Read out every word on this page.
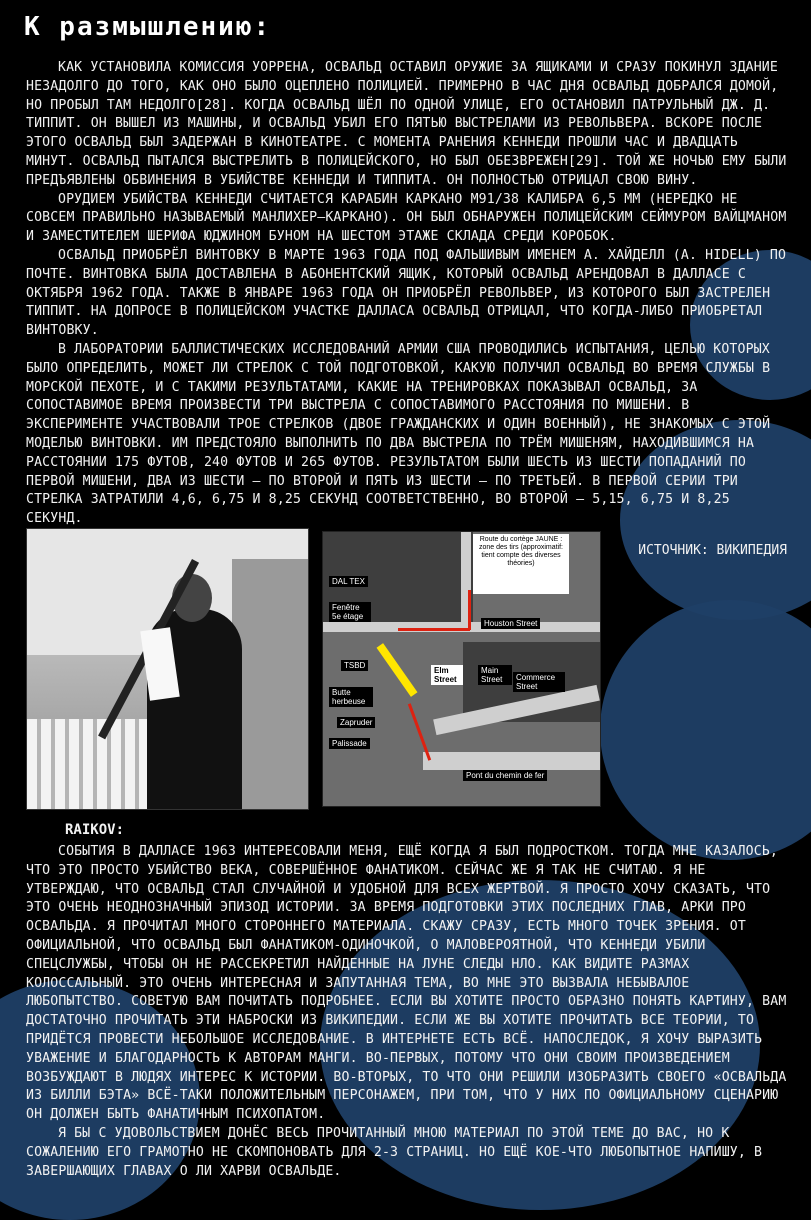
К размышлению:

КАК УСТАНОВИЛА КОМИССИЯ УОРРЕНА, ОСВАЛЬД ОСТАВИЛ ОРУЖИЕ ЗА ЯЩИКАМИ И СРАЗУ ПОКИНУЛ ЗДАНИЕ НЕЗАДОЛГО ДО ТОГО, КАК ОНО БЫЛО ОЦЕПЛЕНО ПОЛИЦИЕЙ. ПРИМЕРНО В ЧАС ДНЯ ОСВАЛЬД ДОБРАЛСЯ ДОМОЙ, НО ПРОБЫЛ ТАМ НЕДОЛГО[28]. КОГДА ОСВАЛЬД ШЁЛ ПО ОДНОЙ УЛИЦЕ, ЕГО ОСТАНОВИЛ ПАТРУЛЬНЫЙ ДЖ. Д. ТИППИТ. ОН ВЫШЕЛ ИЗ МАШИНЫ, И ОСВАЛЬД УБИЛ ЕГО ПЯТЬЮ ВЫСТРЕЛАМИ ИЗ РЕВОЛЬВЕРА. ВСКОРЕ ПОСЛЕ ЭТОГО ОСВАЛЬД БЫЛ ЗАДЕРЖАН В КИНОТЕАТРЕ. С МОМЕНТА РАНЕНИЯ КЕННЕДИ ПРОШЛИ ЧАС И ДВАДЦАТЬ МИНУТ. ОСВАЛЬД ПЫТАЛСЯ ВЫСТРЕЛИТЬ В ПОЛИЦЕЙСКОГО, НО БЫЛ ОБЕЗВРЕЖЕН[29]. ТОЙ ЖЕ НОЧЬЮ ЕМУ БЫЛИ ПРЕДЪЯВЛЕНЫ ОБВИНЕНИЯ В УБИЙСТВЕ КЕННЕДИ И ТИППИТА. ОН ПОЛНОСТЬЮ ОТРИЦАЛ СВОЮ ВИНУ.

ОРУДИЕМ УБИЙСТВА КЕННЕДИ СЧИТАЕТСЯ КАРАБИН КАРКАНО M91/38 КАЛИБРА 6,5 ММ (НЕРЕДКО НЕ СОВСЕМ ПРАВИЛЬНО НАЗЫВАЕМЫЙ МАНЛИХЕР—КАРКАНО). ОН БЫЛ ОБНАРУЖЕН ПОЛИЦЕЙСКИМ СЕЙМУРОМ ВАЙЦМАНОМ И ЗАМЕСТИТЕЛЕМ ШЕРИФА ЮДЖИНОМ БУНОМ НА ШЕСТОМ ЭТАЖЕ СКЛАДА СРЕДИ КОРОБОК.

ОСВАЛЬД ПРИОБРЁЛ ВИНТОВКУ В МАРТЕ 1963 ГОДА ПОД ФАЛЬШИВЫМ ИМЕНЕМ А. ХАЙДЕЛЛ (A. HIDELL) ПО ПОЧТЕ. ВИНТОВКА БЫЛА ДОСТАВЛЕНА В АБОНЕНТСКИЙ ЯЩИК, КОТОРЫЙ ОСВАЛЬД АРЕНДОВАЛ В ДАЛЛАСЕ С ОКТЯБРЯ 1962 ГОДА. ТАКЖЕ В ЯНВАРЕ 1963 ГОДА ОН ПРИОБРЁЛ РЕВОЛЬВЕР, ИЗ КОТОРОГО БЫЛ ЗАСТРЕЛЕН ТИППИТ. НА ДОПРОСЕ В ПОЛИЦЕЙСКОМ УЧАСТКЕ ДАЛЛАСА ОСВАЛЬД ОТРИЦАЛ, ЧТО КОГДА-ЛИБО ПРИОБРЕТАЛ ВИНТОВКУ.

В ЛАБОРАТОРИИ БАЛЛИСТИЧЕСКИХ ИССЛЕДОВАНИЙ АРМИИ США ПРОВОДИЛИСЬ ИСПЫТАНИЯ, ЦЕЛЬЮ КОТОРЫХ БЫЛО ОПРЕДЕЛИТЬ, МОЖЕТ ЛИ СТРЕЛОК С ТОЙ ПОДГОТОВКОЙ, КАКУЮ ПОЛУЧИЛ ОСВАЛЬД ВО ВРЕМЯ СЛУЖБЫ В МОРСКОЙ ПЕХОТЕ, И С ТАКИМИ РЕЗУЛЬТАТАМИ, КАКИЕ НА ТРЕНИРОВКАХ ПОКАЗЫВАЛ ОСВАЛЬД, ЗА СОПОСТАВИМОЕ ВРЕМЯ ПРОИЗВЕСТИ ТРИ ВЫСТРЕЛА С СОПОСТАВИМОГО РАССТОЯНИЯ ПО МИШЕНИ. В ЭКСПЕРИМЕНТЕ УЧАСТВОВАЛИ ТРОЕ СТРЕЛКОВ (ДВОЕ ГРАЖДАНСКИХ И ОДИН ВОЕННЫЙ), НЕ ЗНАКОМЫХ С ЭТОЙ МОДЕЛЬЮ ВИНТОВКИ. ИМ ПРЕДСТОЯЛО ВЫПОЛНИТЬ ПО ДВА ВЫСТРЕЛА ПО ТРЁМ МИШЕНЯМ, НАХОДИВШИМСЯ НА РАССТОЯНИИ 175 ФУТОВ, 240 ФУТОВ И 265 ФУТОВ. РЕЗУЛЬТАТОМ БЫЛИ ШЕСТЬ ИЗ ШЕСТИ ПОПАДАНИЙ ПО ПЕРВОЙ МИШЕНИ, ДВА ИЗ ШЕСТИ — ПО ВТОРОЙ И ПЯТЬ ИЗ ШЕСТИ — ПО ТРЕТЬЕЙ. В ПЕРВОЙ СЕРИИ ТРИ СТРЕЛКА ЗАТРАТИЛИ 4,6, 6,75 И 8,25 СЕКУНД СООТВЕТСТВЕННО, ВО ВТОРОЙ — 5,15, 6,75 И 8,25 СЕКУНД.

Route du cortège JAUNE : zone des tirs (approximatif: tient compte des diverses théories)
DAL TEX
Fenêtre 5e étage
Houston Street
TSBD
Elm Street
Main Street	Commerce Street
Butte herbeuse
Zapruder
Palissade
Pont du chemin de fer
ИСТОЧНИК: ВИКИПЕДИЯ
RAIKOV:

СОБЫТИЯ В ДАЛЛАСЕ 1963 ИНТЕРЕСОВАЛИ МЕНЯ, ЕЩЁ КОГДА Я БЫЛ ПОДРОСТКОМ. ТОГДА МНЕ КАЗАЛОСЬ, ЧТО ЭТО ПРОСТО УБИЙСТВО ВЕКА, СОВЕРШЁННОЕ ФАНАТИКОМ. СЕЙЧАС ЖЕ Я ТАК НЕ СЧИТАЮ. Я НЕ УТВЕРЖДАЮ, ЧТО ОСВАЛЬД СТАЛ СЛУЧАЙНОЙ И УДОБНОЙ ДЛЯ ВСЕХ ЖЕРТВОЙ. Я ПРОСТО ХОЧУ СКАЗАТЬ, ЧТО ЭТО ОЧЕНЬ НЕОДНОЗНАЧНЫЙ ЭПИЗОД ИСТОРИИ. ЗА ВРЕМЯ ПОДГОТОВКИ ЭТИХ ПОСЛЕДНИХ ГЛАВ, АРКИ ПРО ОСВАЛЬДА. Я ПРОЧИТАЛ МНОГО СТОРОННЕГО МАТЕРИАЛА. СКАЖУ СРАЗУ, ЕСТЬ МНОГО ТОЧЕК ЗРЕНИЯ. ОТ ОФИЦИАЛЬНОЙ, ЧТО ОСВАЛЬД БЫЛ ФАНАТИКОМ-ОДИНОЧКОЙ, О МАЛОВЕРОЯТНОЙ, ЧТО КЕННЕДИ УБИЛИ СПЕЦСЛУЖБЫ, ЧТОБЫ ОН НЕ РАССЕКРЕТИЛ НАЙДЕННЫЕ НА ЛУНЕ СЛЕДЫ НЛО. КАК ВИДИТЕ РАЗМАХ КОЛОССАЛЬНЫЙ. ЭТО ОЧЕНЬ ИНТЕРЕСНАЯ И ЗАПУТАННАЯ ТЕМА, ВО МНЕ ЭТО ВЫЗВАЛА НЕБЫВАЛОЕ ЛЮБОПЫТСТВО. СОВЕТУЮ ВАМ ПОЧИТАТЬ ПОДРОБНЕЕ. ЕСЛИ ВЫ ХОТИТЕ ПРОСТО ОБРАЗНО ПОНЯТЬ КАРТИНУ, ВАМ ДОСТАТОЧНО ПРОЧИТАТЬ ЭТИ НАБРОСКИ ИЗ ВИКИПЕДИИ. ЕСЛИ ЖЕ ВЫ ХОТИТЕ ПРОЧИТАТЬ ВСЕ ТЕОРИИ, ТО ПРИДЁТСЯ ПРОВЕСТИ НЕБОЛЬШОЕ ИССЛЕДОВАНИЕ. В ИНТЕРНЕТЕ ЕСТЬ ВСЁ. НАПОСЛЕДОК, Я ХОЧУ ВЫРАЗИТЬ УВАЖЕНИЕ И БЛАГОДАРНОСТЬ К АВТОРАМ МАНГИ. ВО-ПЕРВЫХ, ПОТОМУ ЧТО ОНИ СВОИМ ПРОИЗВЕДЕНИЕМ ВОЗБУЖДАЮТ В ЛЮДЯХ ИНТЕРЕС К ИСТОРИИ. ВО-ВТОРЫХ, ТО ЧТО ОНИ РЕШИЛИ ИЗОБРАЗИТЬ СВОЕГО «ОСВАЛЬДА ИЗ БИЛЛИ БЭТА» ВСЁ-ТАКИ ПОЛОЖИТЕЛЬНЫМ ПЕРСОНАЖЕМ, ПРИ ТОМ, ЧТО У НИХ ПО ОФИЦИАЛЬНОМУ СЦЕНАРИЮ ОН ДОЛЖЕН БЫТЬ ФАНАТИЧНЫМ ПСИХОПАТОМ.

Я БЫ С УДОВОЛЬСТВИЕМ ДОНЁС ВЕСЬ ПРОЧИТАННЫЙ МНОЮ МАТЕРИАЛ ПО ЭТОЙ ТЕМЕ ДО ВАС, НО К СОЖАЛЕНИЮ ЕГО ГРАМОТНО НЕ СКОМПОНОВАТЬ ДЛЯ 2-3 СТРАНИЦ. НО ЕЩЁ КОЕ-ЧТО ЛЮБОПЫТНОЕ НАПИШУ, В ЗАВЕРШАЮЩИХ ГЛАВАХ О ЛИ ХАРВИ ОСВАЛЬДЕ.
